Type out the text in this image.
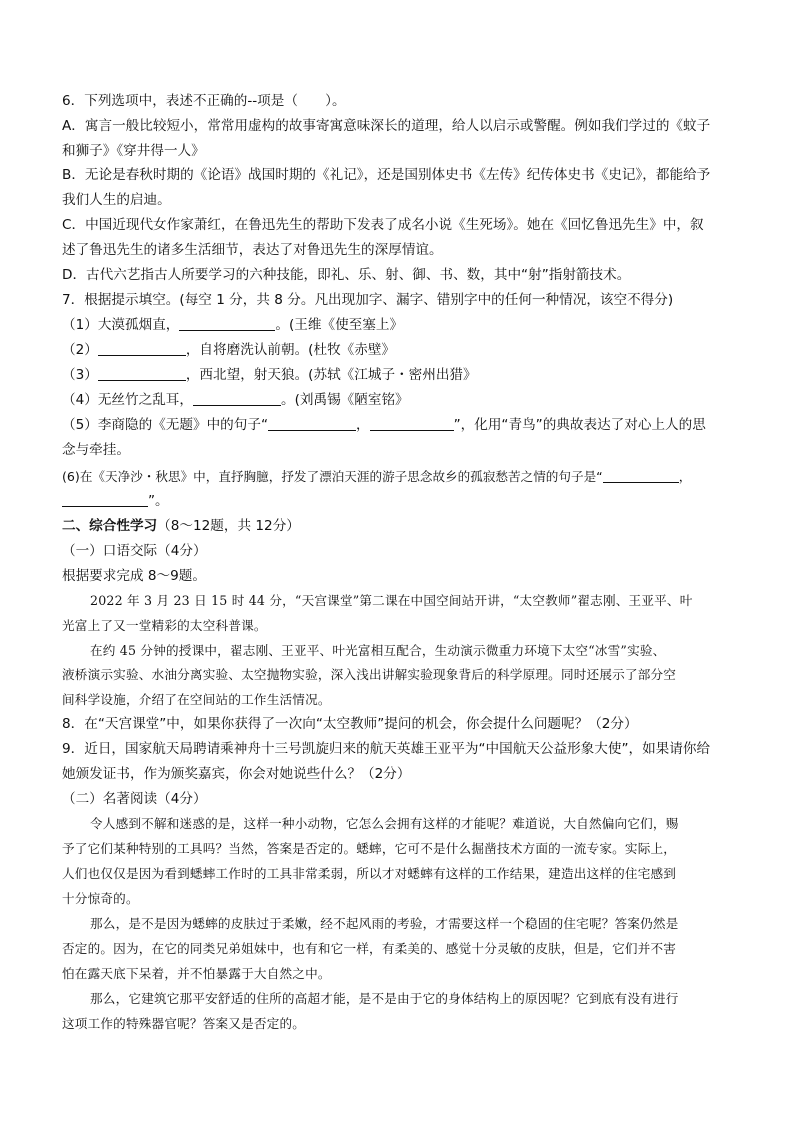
6．下列选项中，表述不正确的--项是（　　）。
A．寓言一般比较短小，常常用虚构的故事寄寓意味深长的道理，给人以启示或警醒。例如我们学过的《蚊子
和狮子》《穿井得一人》
B．无论是春秋时期的《论语》战国时期的《礼记》，还是国别体史书《左传》纪传体史书《史记》，都能给予
我们人生的启迪。
C．中国近现代女作家萧红，在鲁迅先生的帮助下发表了成名小说《生死场》。她在《回忆鲁迅先生》中，叙
述了鲁迅先生的诸多生活细节，表达了对鲁迅先生的深厚情谊。
D．古代六艺指古人所要学习的六种技能，即礼、乐、射、御、书、数，其中“射”指射箭技术。
7．根据提示填空。(每空 1 分，共 8 分。凡出现加字、漏字、错别字中的任何一种情况，该空不得分)
（1）大漠孤烟直，	。(王维《使至塞上》
（2）	，自将磨洗认前朝。(杜牧《赤壁》
（3）	，西北望，射天狼。(苏轼《江城子・密州出猎》
（4）无丝竹之乱耳，	。(刘禹锡《陋室铭》
（5）李商隐的《无题》中的句子“	，	”，化用“青鸟”的典故表达了对心上人的思
念与牵挂。
(6)在《天净沙・秋思》中，直抒胸臆，抒发了漂泊天涯的游子思念故乡的孤寂愁苦之情的句子是“	，
”。
二、综合性学习（8～12题，共 12分）
（一）口语交际（4分）
根据要求完成 8～9题。
2022 年 3 月 23 日 15 时 44 分，“天宫课堂”第二课在中国空间站开讲，“太空教师”翟志刚、王亚平、叶
光富上了又一堂精彩的太空科普课。
在约 45 分钟的授课中，翟志刚、王亚平、叶光富相互配合，生动演示微重力环境下太空“冰雪”实验、
液桥演示实验、水油分离实验、太空抛物实验，深入浅出讲解实验现象背后的科学原理。同时还展示了部分空
间科学设施，介绍了在空间站的工作生活情况。
8．在“天宫课堂”中，如果你获得了一次向“太空教师”提问的机会，你会提什么问题呢？（2分）
9．近日，国家航天局聘请乘神舟十三号凯旋归来的航天英雄王亚平为“中国航天公益形象大使”，如果请你给
她颁发证书，作为颁奖嘉宾，你会对她说些什么？（2分）
（二）名著阅读（4分）
令人感到不解和迷惑的是，这样一种小动物，它怎么会拥有这样的才能呢？难道说，大自然偏向它们，赐
予了它们某种特别的工具吗？当然，答案是否定的。蟋蟀，它可不是什么掘凿技术方面的一流专家。实际上，
人们也仅仅是因为看到蟋蟀工作时的工具非常柔弱，所以才对蟋蟀有这样的工作结果，建造出这样的住宅感到
十分惊奇的。
那么，是不是因为蟋蟀的皮肤过于柔嫩，经不起风雨的考验，才需要这样一个稳固的住宅呢？答案仍然是
否定的。因为，在它的同类兄弟姐妹中，也有和它一样，有柔美的、感觉十分灵敏的皮肤，但是，它们并不害
怕在露天底下呆着，并不怕暴露于大自然之中。
那么，它建筑它那平安舒适的住所的高超才能，是不是由于它的身体结构上的原因呢？它到底有没有进行
这项工作的特殊器官呢？答案又是否定的。
